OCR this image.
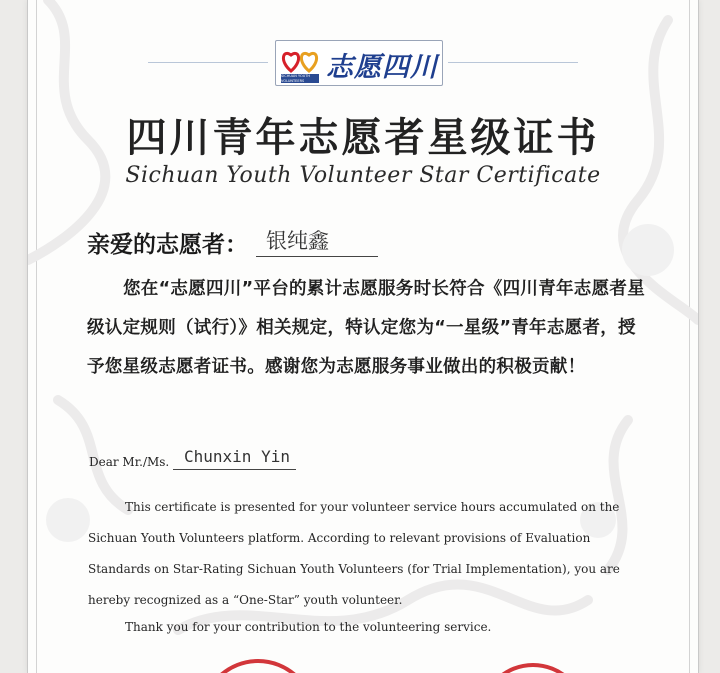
SICHUAN YOUTH VOLUNTEERS 志愿四川
四川青年志愿者星级证书
Sichuan Youth Volunteer Star Certificate
亲爱的志愿者： 银纯鑫
您在“志愿四川”平台的累计志愿服务时长符合《四川青年志愿者星级认定规则（试行）》相关规定，特认定您为“一星级”青年志愿者，授予您星级志愿者证书。感谢您为志愿服务事业做出的积极贡献！
Dear Mr./Ms. Chunxin Yin
This certificate is presented for your volunteer service hours accumulated on the Sichuan Youth Volunteers platform. According to relevant provisions of Evaluation Standards on Star-Rating Sichuan Youth Volunteers (for Trial Implementation), you are hereby recognized as a “One-Star” youth volunteer.
Thank you for your contribution to the volunteering service.
